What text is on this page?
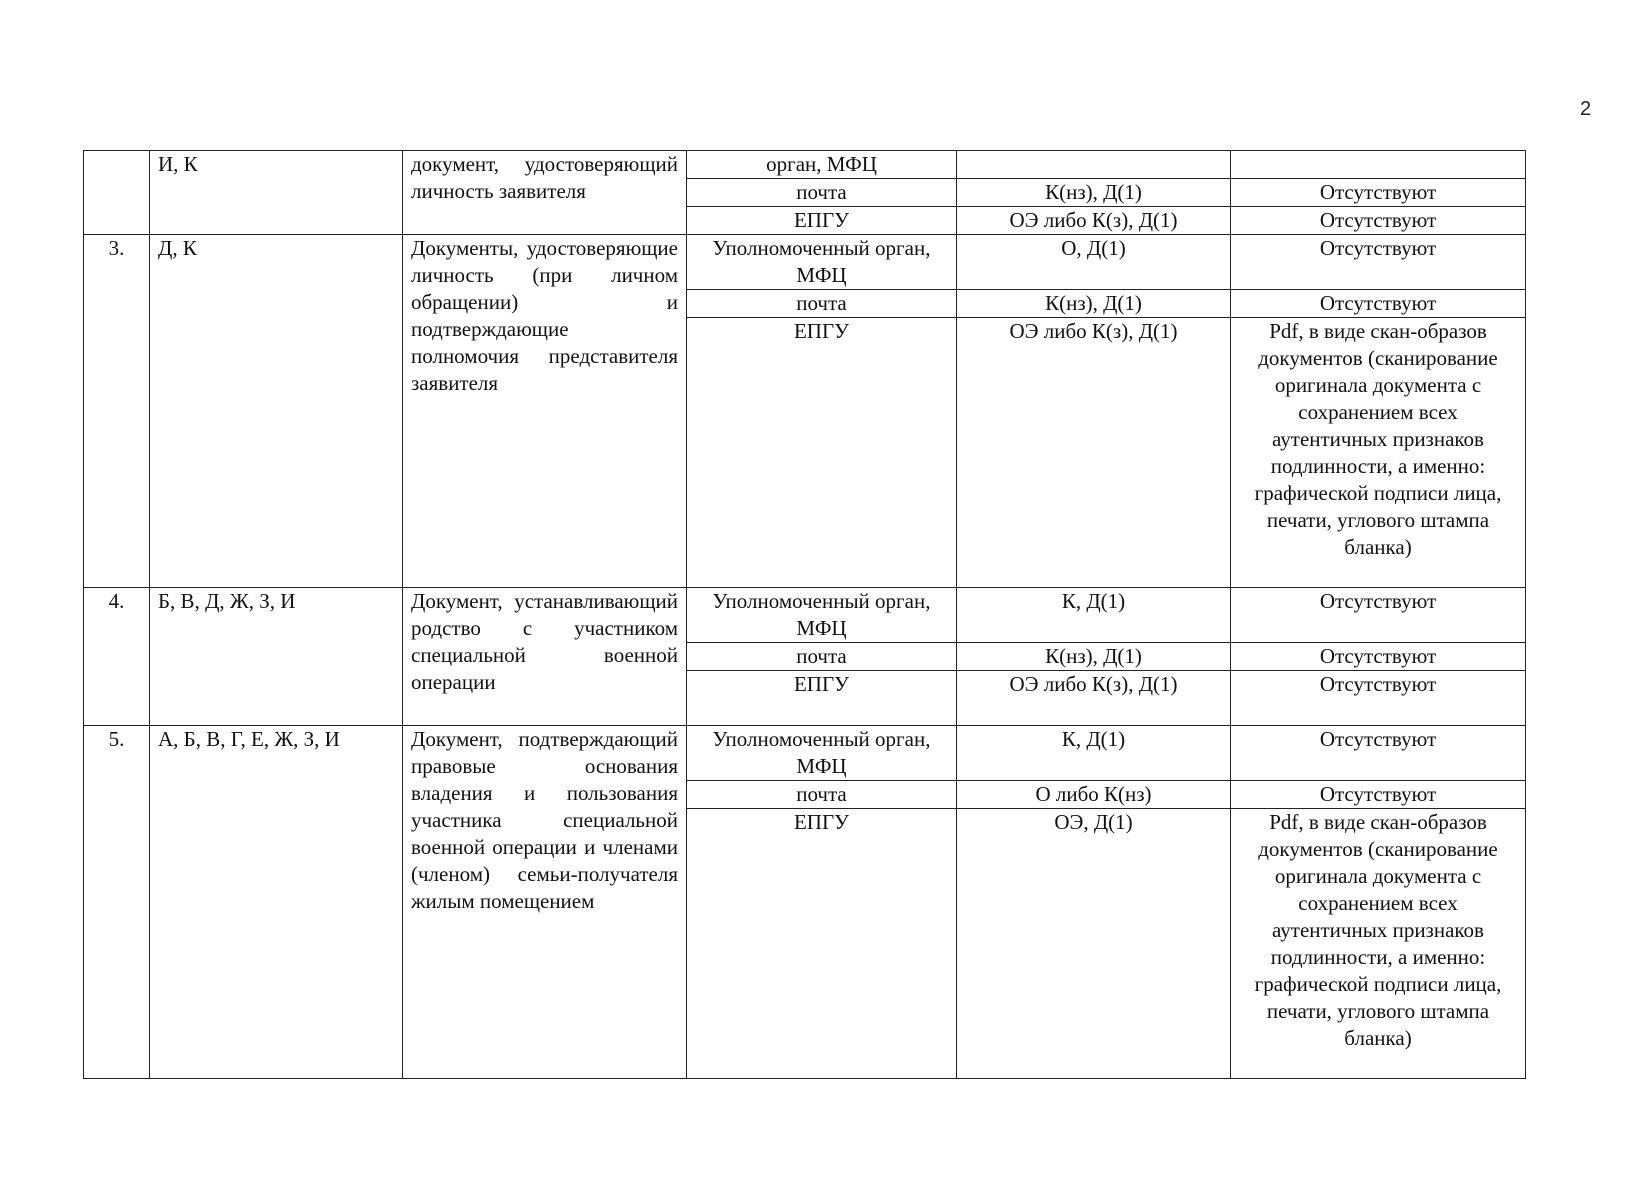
2
	И, К	документ, удостоверяющий личность заявителя	орган, МФЦ		
			почта	К(нз), Д(1)	Отсутствуют
			ЕПГУ	ОЭ либо К(з), Д(1)	Отсутствуют
3.	Д, К	Документы, удостоверяющие личность (при личном обращении) и подтверждающие полномочия представителя заявителя	Уполномоченный орган, МФЦ	О, Д(1)	Отсутствуют
			почта	К(нз), Д(1)	Отсутствуют
			ЕПГУ	ОЭ либо К(з), Д(1)	Pdf, в виде скан-образов документов (сканирование оригинала документа с сохранением всех аутентичных признаков подлинности, а именно: графической подписи лица, печати, углового штампа бланка)
4.	Б, В, Д, Ж, З, И	Документ, устанавливающий родство с участником специальной военной операции	Уполномоченный орган, МФЦ	К, Д(1)	Отсутствуют
			почта	К(нз), Д(1)	Отсутствуют
			ЕПГУ	ОЭ либо К(з), Д(1)	Отсутствуют
5.	А, Б, В, Г, Е, Ж, З, И	Документ, подтверждающий правовые основания владения и пользования участника специальной военной операции и членами (членом) семьи-получателя жилым помещением	Уполномоченный орган, МФЦ	К, Д(1)	Отсутствуют
			почта	О либо К(нз)	Отсутствуют
			ЕПГУ	ОЭ, Д(1)	Pdf, в виде скан-образов документов (сканирование оригинала документа с сохранением всех аутентичных признаков подлинности, а именно: графической подписи лица, печати, углового штампа бланка)
